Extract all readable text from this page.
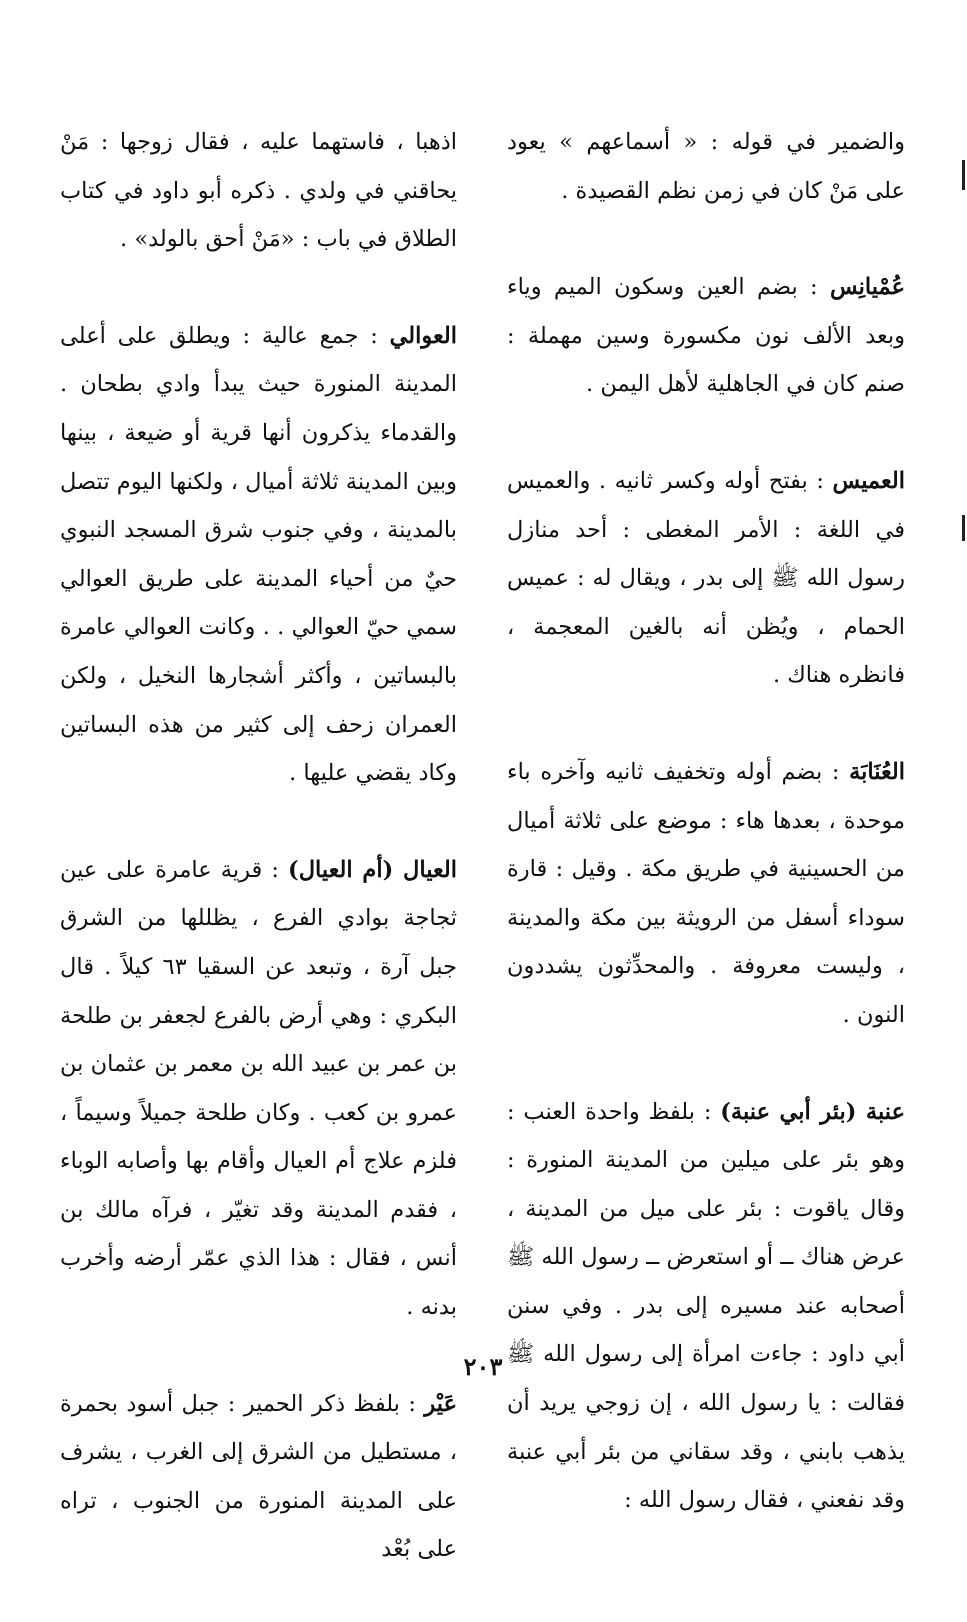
والضمير في قوله : « أسماعهم » يعود على مَنْ كان في زمن نظم القصيدة .

عُمْيانِس : بضم العين وسكون الميم وياء وبعد الألف نون مكسورة وسين مهملة : صنم كان في الجاهلية لأهل اليمن .

العميس : بفتح أوله وكسر ثانيه . والعميس في اللغة : الأمر المغطى : أحد منازل رسول الله ﷺ إلى بدر ، ويقال له : عميس الحمام ، ويُظن أنه بالغين المعجمة ، فانظره هناك .

العُنَابَة : بضم أوله وتخفيف ثانيه وآخره باء موحدة ، بعدها هاء : موضع على ثلاثة أميال من الحسينية في طريق مكة . وقيل : قارة سوداء أسفل من الرويثة بين مكة والمدينة ، وليست معروفة . والمحدِّثون يشددون النون .

عنبة (بئر أبي عنبة) : بلفظ واحدة العنب : وهو بئر على ميلين من المدينة المنورة : وقال ياقوت : بئر على ميل من المدينة ، عرض هناك ــ أو استعرض ــ رسول الله ﷺ أصحابه عند مسيره إلى بدر . وفي سنن أبي داود : جاءت امرأة إلى رسول الله ﷺ فقالت : يا رسول الله ، إن زوجي يريد أن يذهب بابني ، وقد سقاني من بئر أبي عنبة وقد نفعني ، فقال رسول الله :

اذهبا ، فاستهما عليه ، فقال زوجها : مَنْ يحاقني في ولدي . ذكره أبو داود في كتاب الطلاق في باب : «مَنْ أحق بالولد» .

العوالي : جمع عالية : ويطلق على أعلى المدينة المنورة حيث يبدأ وادي بطحان . والقدماء يذكرون أنها قرية أو ضيعة ، بينها وبين المدينة ثلاثة أميال ، ولكنها اليوم تتصل بالمدينة ، وفي جنوب شرق المسجد النبوي حيٌ من أحياء المدينة على طريق العوالي سمي حيّ العوالي . . وكانت العوالي عامرة بالبساتين ، وأكثر أشجارها النخيل ، ولكن العمران زحف إلى كثير من هذه البساتين وكاد يقضي عليها .

العيال (أم العيال) : قرية عامرة على عين ثجاجة بوادي الفرع ، يظللها من الشرق جبل آرة ، وتبعد عن السقيا ٦٣ كيلاً . قال البكري : وهي أرض بالفرع لجعفر بن طلحة بن عمر بن عبيد الله بن معمر بن عثمان بن عمرو بن كعب . وكان طلحة جميلاً وسيماً ، فلزم علاج أم العيال وأقام بها وأصابه الوباء ، فقدم المدينة وقد تغيّر ، فرآه مالك بن أنس ، فقال : هذا الذي عمّر أرضه وأخرب بدنه .

عَيْر : بلفظ ذكر الحمير : جبل أسود بحمرة ، مستطيل من الشرق إلى الغرب ، يشرف على المدينة المنورة من الجنوب ، تراه على بُعْد

٢٠٣
